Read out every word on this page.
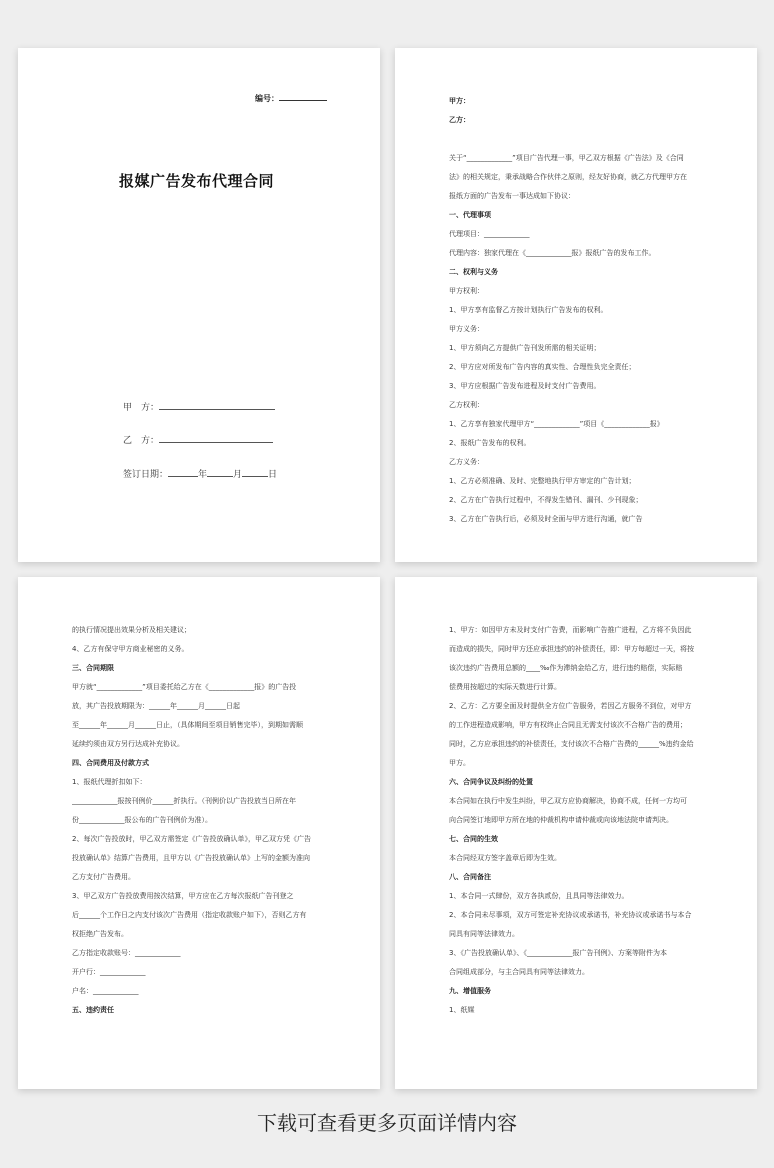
编号：
报媒广告发布代理合同
甲　方：
乙　方：
签订日期：	年	月	日
甲方：
乙方：
关于“_____________”项目广告代理一事，甲乙双方根据《广告法》及《合同
法》的相关规定，秉承战略合作伙伴之原则，经友好协商，就乙方代理甲方在
报纸方面的广告发布一事达成如下协议：
一、代理事项
代理项目：_____________
代理内容：独家代理在《_____________报》报纸广告的发布工作。
二、权利与义务
甲方权利：
1、甲方享有监督乙方按计划执行广告发布的权利。
甲方义务：
1、甲方须向乙方提供广告刊发所需的相关证明；
2、甲方应对所发布广告内容的真实性、合理性负完全责任；
3、甲方应根据广告发布进程及时支付广告费用。
乙方权利：
1、乙方享有独家代理甲方“_____________”项目《_____________报》
2、报纸广告发布的权利。
乙方义务：
1、乙方必须准确、及时、完整地执行甲方审定的广告计划；
2、乙方在广告执行过程中，不得发生错刊、漏刊、少刊现象；
3、乙方在广告执行后，必须及时全面与甲方进行沟通，就广告
的执行情况提出效果分析及相关建议；
4、乙方有保守甲方商业秘密的义务。
三、合同期限
甲方就“_____________”项目委托给乙方在《_____________报》的广告投
放，其广告投放期限为：______年______月______日起
至______年______月______日止，（具体期间至项目销售完毕），到期如需顺
延续约须由双方另行达成补充协议。
四、合同费用及付款方式
1、报纸代理折扣如下：
_____________报按刊例价______折执行。（刊例价以广告投放当日所在年
份_____________报公布的广告刊例价为准）。
2、每次广告投放时，甲乙双方需签定《广告投放确认单》，甲乙双方凭《广告
投放确认单》结算广告费用，且甲方以《广告投放确认单》上写的金额为准向
乙方支付广告费用。
3、甲乙双方广告投放费用按次结算，甲方应在乙方每次报纸广告刊登之
后______个工作日之内支付该次广告费用（指定收款账户如下），否则乙方有
权拒绝广告发布。
乙方指定收款账号：_____________
开户行：_____________
户名：_____________
五、违约责任
1、甲方：如因甲方未及时支付广告费，而影响广告推广进程，乙方将不负因此
而造成的损失，同时甲方还应承担违约的补偿责任，即：甲方每超过一天，将按
该次违约广告费用总额的____‰作为滞纳金给乙方，进行违约赔偿，实际赔
偿费用按超过的实际天数进行计算。
2、乙方：乙方要全面及时提供全方位广告服务，若因乙方服务不到位，对甲方
的工作进程造成影响，甲方有权终止合同且无需支付该次不合格广告的费用；
同时，乙方应承担违约的补偿责任，支付该次不合格广告费的______%违约金给
甲方。
六、合同争议及纠纷的处置
本合同如在执行中发生纠纷，甲乙双方应协商解决，协商不成，任何一方均可
向合同签订地即甲方所在地的仲裁机构申请仲裁或向该地法院申请判决。
七、合同的生效
本合同经双方签字盖章后即为生效。
八、合同备注
1、本合同一式肆份，双方各执贰份，且具同等法律效力。
2、本合同未尽事项，双方可签定补充协议或承诺书，补充协议或承诺书与本合
同具有同等法律效力。
3、《广告投放确认单》、《_____________报广告刊例》、方案等附件为本
合同组成部分，与主合同具有同等法律效力。
九、增值服务
1、纸媒
下载可查看更多页面详情内容
